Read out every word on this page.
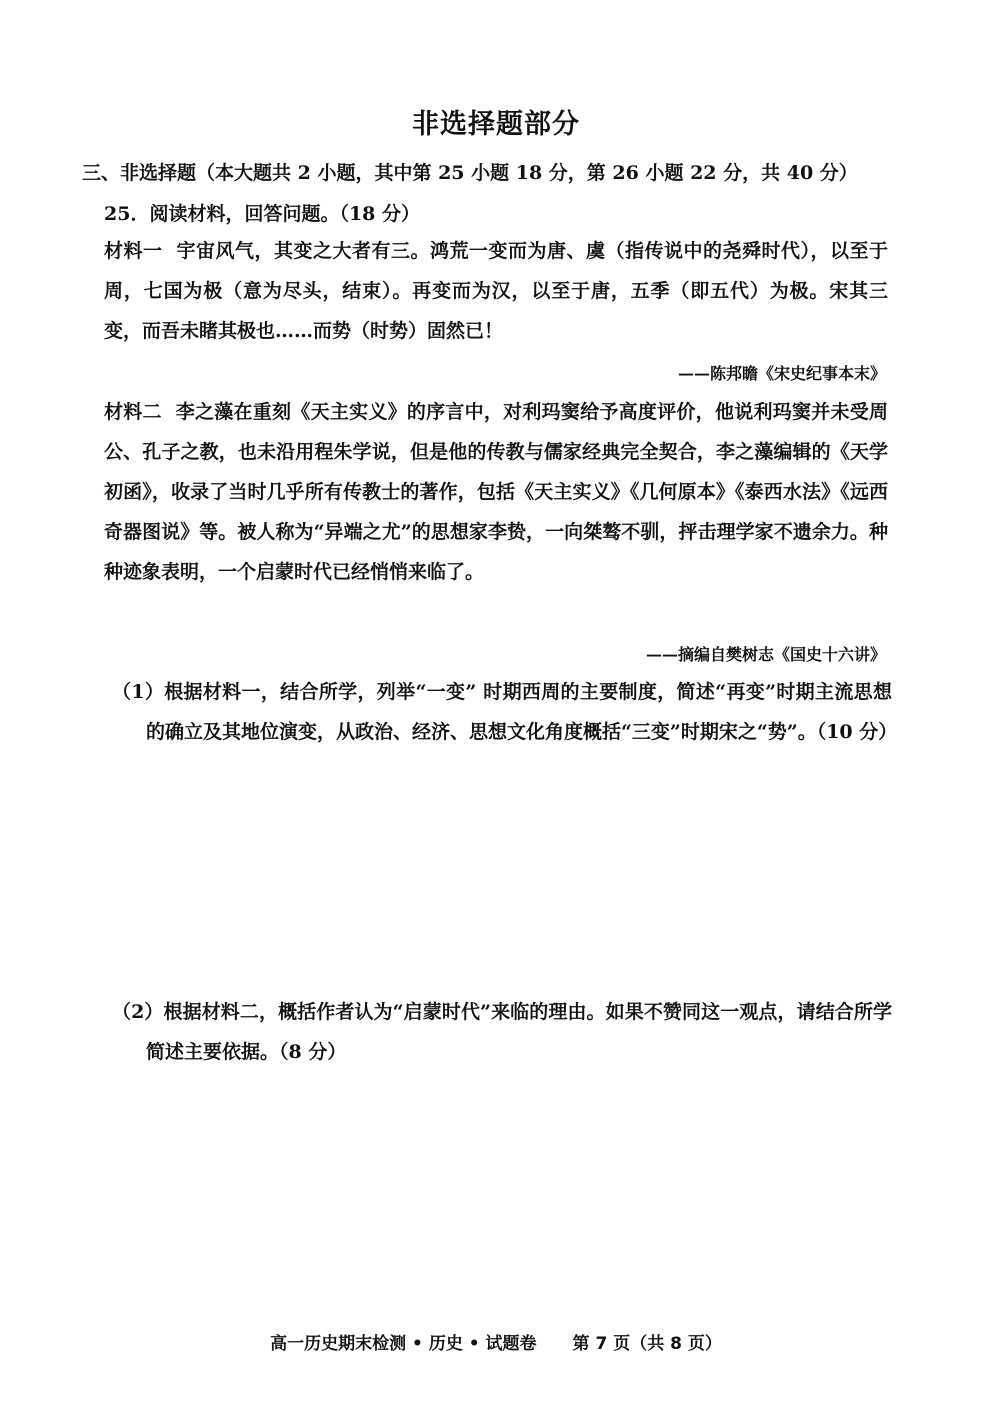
非选择题部分
三、非选择题（本大题共 2 小题，其中第 25 小题 18 分，第 26 小题 22 分，共 40 分）
25．阅读材料，回答问题。（18 分）
材料一 宇宙风气，其变之大者有三。鸿荒一变而为唐、虞（指传说中的尧舜时代），以至于周，七国为极（意为尽头，结束）。再变而为汉，以至于唐，五季（即五代）为极。宋其三变，而吾未睹其极也……而势（时势）固然已！
——陈邦瞻《宋史纪事本末》
材料二 李之藻在重刻《天主实义》的序言中，对利玛窦给予高度评价，他说利玛窦并未受周公、孔子之教，也未沿用程朱学说，但是他的传教与儒家经典完全契合，李之藻编辑的《天学初函》，收录了当时几乎所有传教士的著作，包括《天主实义》《几何原本》《泰西水法》《远西奇器图说》等。被人称为“异端之尤”的思想家李贽，一向桀骜不驯，抨击理学家不遗余力。种种迹象表明，一个启蒙时代已经悄悄来临了。
——摘编自樊树志《国史十六讲》
（1）根据材料一，结合所学，列举“一变” 时期西周的主要制度，简述“再变”时期主流思想的确立及其地位演变，从政治、经济、思想文化角度概括“三变”时期宋之“势”。（10 分）
（2）根据材料二，概括作者认为“启蒙时代”来临的理由。如果不赞同这一观点，请结合所学简述主要依据。（8 分）
高一历史期末检测 • 历史 • 试题卷 第 7 页（共 8 页）
